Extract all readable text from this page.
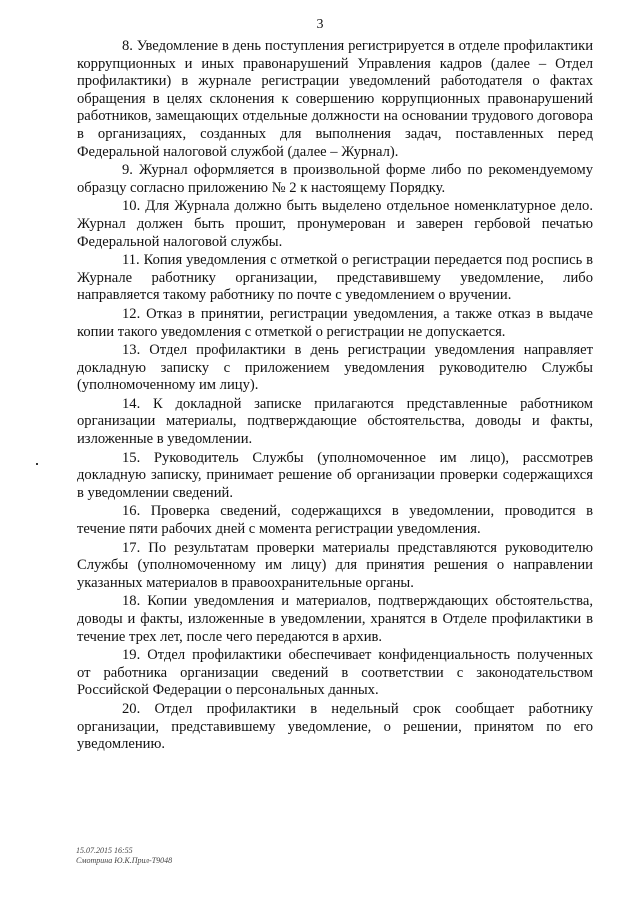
3

8. Уведомление в день поступления регистрируется в отделе профилактики коррупционных и иных правонарушений Управления кадров (далее – Отдел профилактики) в журнале регистрации уведомлений работодателя о фактах обращения в целях склонения к совершению коррупционных правонарушений работников, замещающих отдельные должности на основании трудового договора в организациях, созданных для выполнения задач, поставленных перед Федеральной налоговой службой (далее – Журнал).

9. Журнал оформляется в произвольной форме либо по рекомендуемому образцу согласно приложению № 2 к настоящему Порядку.

10. Для Журнала должно быть выделено отдельное номенклатурное дело. Журнал должен быть прошит, пронумерован и заверен гербовой печатью Федеральной налоговой службы.

11. Копия уведомления с отметкой о регистрации передается под роспись в Журнале работнику организации, представившему уведомление, либо направляется такому работнику по почте с уведомлением о вручении.

12. Отказ в принятии, регистрации уведомления, а также отказ в выдаче копии такого уведомления с отметкой о регистрации не допускается.

13. Отдел профилактики в день регистрации уведомления направляет докладную записку с приложением уведомления руководителю Службы (уполномоченному им лицу).

14. К докладной записке прилагаются представленные работником организации материалы, подтверждающие обстоятельства, доводы и факты, изложенные в уведомлении.

15. Руководитель Службы (уполномоченное им лицо), рассмотрев докладную записку, принимает решение об организации проверки содержащихся в уведомлении сведений.

16. Проверка сведений, содержащихся в уведомлении, проводится в течение пяти рабочих дней с момента регистрации уведомления.

17. По результатам проверки материалы представляются руководителю Службы (уполномоченному им лицу) для принятия решения о направлении указанных материалов в правоохранительные органы.

18. Копии уведомления и материалов, подтверждающих обстоятельства, доводы и факты, изложенные в уведомлении, хранятся в Отделе профилактики в течение трех лет, после чего передаются в архив.

19. Отдел профилактики обеспечивает конфиденциальность полученных от работника организации сведений в соответствии с законодательством Российской Федерации о персональных данных.

20. Отдел профилактики в недельный срок сообщает работнику организации, представившему уведомление, о решении, принятом по его уведомлению.

15.07.2015 16:55
Смотрина Ю.К.Прил-Т9048
